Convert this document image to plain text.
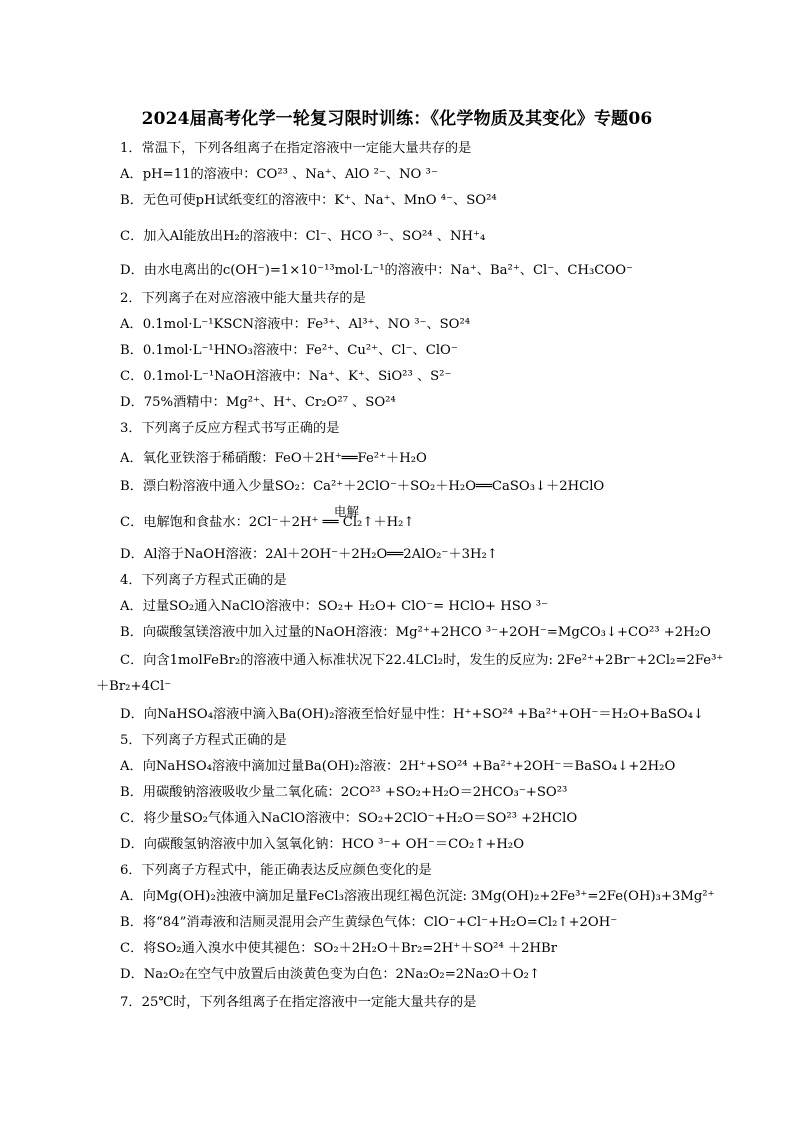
2024届高考化学一轮复习限时训练：《化学物质及其变化》专题06
1．常温下，下列各组离子在指定溶液中一定能大量共存的是
A．pH=11的溶液中：CO²³ 、Na⁺、AlO ²⁻、NO ³⁻
B．无色可使pH试纸变红的溶液中：K⁺、Na⁺、MnO ⁴⁻、SO²⁴
C．加入Al能放出H₂的溶液中：Cl⁻、HCO ³⁻、SO²⁴ 、NH⁺₄
D．由水电离出的c(OH⁻)=1×10⁻¹³mol·L⁻¹的溶液中：Na⁺、Ba²⁺、Cl⁻、CH₃COO⁻
2．下列离子在对应溶液中能大量共存的是
A．0.1mol·L⁻¹KSCN溶液中：Fe³⁺、Al³⁺、NO ³⁻、SO²⁴
B．0.1mol·L⁻¹HNO₃溶液中：Fe²⁺、Cu²⁺、Cl⁻、ClO⁻
C．0.1mol·L⁻¹NaOH溶液中：Na⁺、K⁺、SiO²³ 、S²⁻
D．75%酒精中：Mg²⁺、H⁺、Cr₂O²⁷ 、SO²⁴
3．下列离子反应方程式书写正确的是
A．氧化亚铁溶于稀硝酸：FeO＋2H⁺══Fe²⁺＋H₂O
B．漂白粉溶液中通入少量SO₂：Ca²⁺＋2ClO⁻＋SO₂＋H₂O══CaSO₃↓＋2HClO
电解
C．电解饱和食盐水：2Cl⁻＋2H⁺ ══ Cl₂↑＋H₂↑
D．Al溶于NaOH溶液：2Al＋2OH⁻＋2H₂O══2AlO₂⁻＋3H₂↑
4．下列离子方程式正确的是
A．过量SO₂通入NaClO溶液中：SO₂+ H₂O+ ClO⁻= HClO+ HSO ³⁻
B．向碳酸氢镁溶液中加入过量的NaOH溶液：Mg²⁺+2HCO ³⁻+2OH⁻=MgCO₃↓+CO²³ +2H₂O
C．向含1molFeBr₂的溶液中通入标准状况下22.4LCl₂时，发生的反应为: 2Fe²⁺+2Br⁻+2Cl₂=2Fe³⁺
＋Br₂+4Cl⁻
D．向NaHSO₄溶液中滴入Ba(OH)₂溶液至恰好显中性：H⁺+SO²⁴ +Ba²⁺+OH⁻＝H₂O+BaSO₄↓
5．下列离子方程式正确的是
A．向NaHSO₄溶液中滴加过量Ba(OH)₂溶液：2H⁺+SO²⁴ +Ba²⁺+2OH⁻＝BaSO₄↓+2H₂O
B．用碳酸钠溶液吸收少量二氧化硫：2CO²³ +SO₂+H₂O＝2HCO₃⁻+SO²³
C．将少量SO₂气体通入NaClO溶液中：SO₂+2ClO⁻+H₂O＝SO²³ +2HClO
D．向碳酸氢钠溶液中加入氢氧化钠：HCO ³⁻+ OH⁻＝CO₂↑+H₂O
6．下列离子方程式中，能正确表达反应颜色变化的是
A．向Mg(OH)₂浊液中滴加足量FeCl₃溶液出现红褐色沉淀: 3Mg(OH)₂+2Fe³⁺=2Fe(OH)₃+3Mg²⁺
B．将“84”消毒液和洁厕灵混用会产生黄绿色气体：ClO⁻+Cl⁻+H₂O=Cl₂↑+2OH⁻
C．将SO₂通入溴水中使其褪色：SO₂＋2H₂O＋Br₂=2H⁺＋SO²⁴ ＋2HBr
D．Na₂O₂在空气中放置后由淡黄色变为白色：2Na₂O₂=2Na₂O＋O₂↑
7．25℃时，下列各组离子在指定溶液中一定能大量共存的是
